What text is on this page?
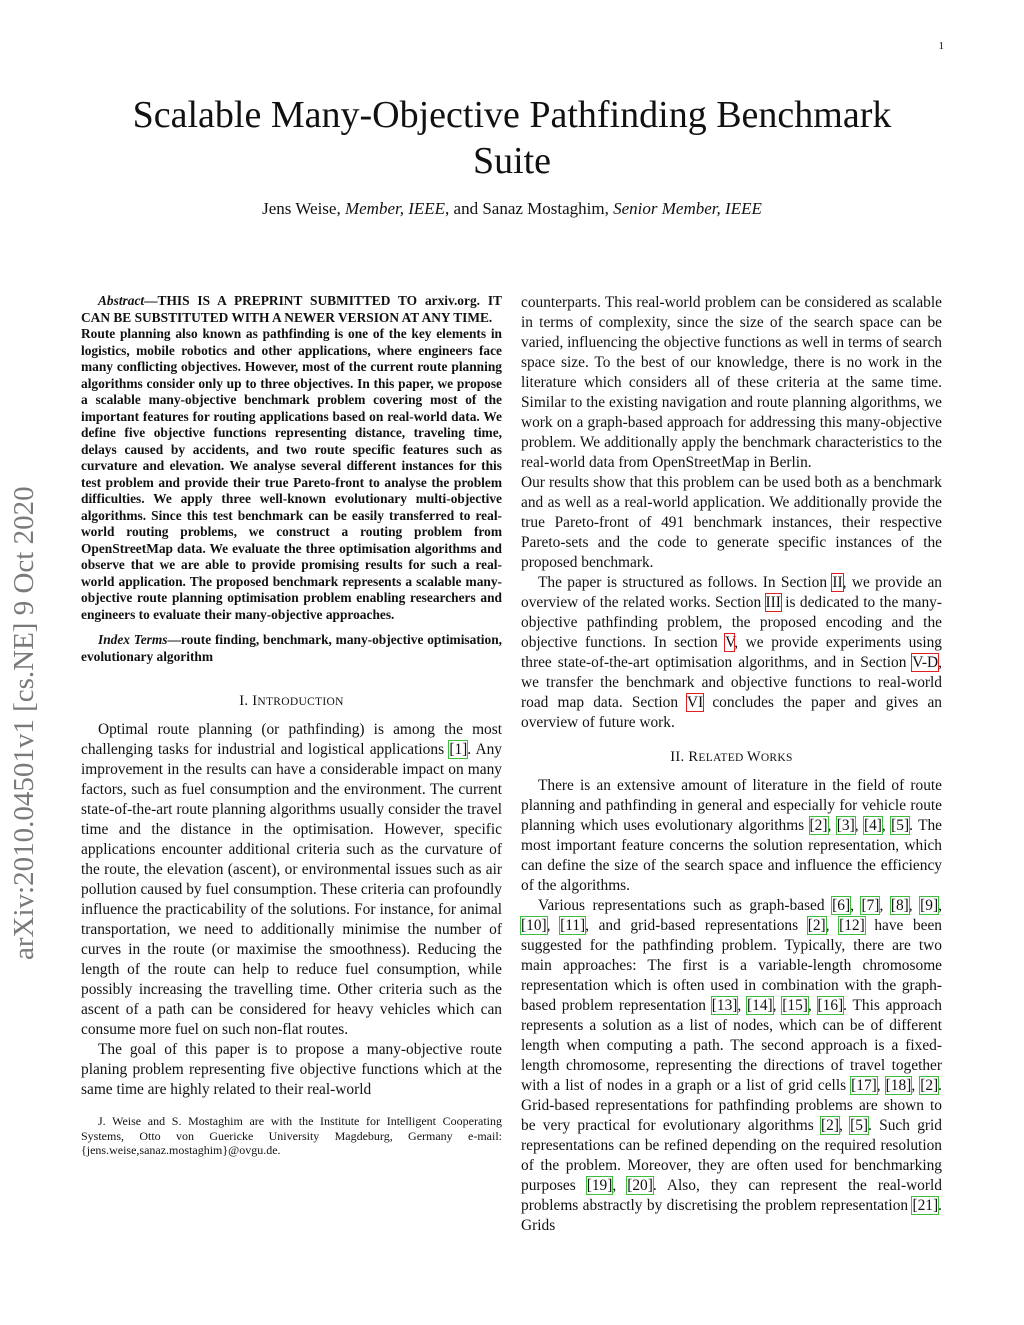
1
arXiv:2010.04501v1 [cs.NE] 9 Oct 2020
Scalable Many-Objective Pathfinding Benchmark
Suite
Jens Weise, Member, IEEE, and Sanaz Mostaghim, Senior Member, IEEE

Abstract—THIS IS A PREPRINT SUBMITTED TO arxiv.org. IT CAN BE SUBSTITUTED WITH A NEWER VERSION AT ANY TIME.

Route planning also known as pathfinding is one of the key elements in logistics, mobile robotics and other applications, where engineers face many conflicting objectives. However, most of the current route planning algorithms consider only up to three objectives. In this paper, we propose a scalable many-objective benchmark problem covering most of the important features for routing applications based on real-world data. We define five objective functions representing distance, traveling time, delays caused by accidents, and two route specific features such as curvature and elevation. We analyse several different instances for this test problem and provide their true Pareto-front to analyse the problem difficulties. We apply three well-known evolutionary multi-objective algorithms. Since this test benchmark can be easily transferred to real-world routing problems, we construct a routing problem from OpenStreetMap data. We evaluate the three optimisation algorithms and observe that we are able to provide promising results for such a real-world application. The proposed benchmark represents a scalable many-objective route planning optimisation problem enabling researchers and engineers to evaluate their many-objective approaches.

Index Terms—route finding, benchmark, many-objective optimisation, evolutionary algorithm

I. INTRODUCTION

Optimal route planning (or pathfinding) is among the most challenging tasks for industrial and logistical applications [1]. Any improvement in the results can have a considerable impact on many factors, such as fuel consumption and the environment. The current state-of-the-art route planning algorithms usually consider the travel time and the distance in the optimisation. However, specific applications encounter additional criteria such as the curvature of the route, the elevation (ascent), or environmental issues such as air pollution caused by fuel consumption. These criteria can profoundly influence the practicability of the solutions. For instance, for animal transportation, we need to additionally minimise the number of curves in the route (or maximise the smoothness). Reducing the length of the route can help to reduce fuel consumption, while possibly increasing the travelling time. Other criteria such as the ascent of a path can be considered for heavy vehicles which can consume more fuel on such non-flat routes.

The goal of this paper is to propose a many-objective route planing problem representing five objective functions which at the same time are highly related to their real-world

J. Weise and S. Mostaghim are with the Institute for Intelligent Cooperating Systems, Otto von Guericke University Magdeburg, Germany e-mail: {jens.weise,sanaz.mostaghim}@ovgu.de.

counterparts. This real-world problem can be considered as scalable in terms of complexity, since the size of the search space can be varied, influencing the objective functions as well in terms of search space size. To the best of our knowledge, there is no work in the literature which considers all of these criteria at the same time. Similar to the existing navigation and route planning algorithms, we work on a graph-based approach for addressing this many-objective problem. We additionally apply the benchmark characteristics to the real-world data from OpenStreetMap in Berlin.

Our results show that this problem can be used both as a benchmark and as well as a real-world application. We additionally provide the true Pareto-front of 491 benchmark instances, their respective Pareto-sets and the code to generate specific instances of the proposed benchmark.

The paper is structured as follows. In Section II, we provide an overview of the related works. Section III is dedicated to the many-objective pathfinding problem, the proposed encoding and the objective functions. In section V, we provide experiments using three state-of-the-art optimisation algorithms, and in Section V-D, we transfer the benchmark and objective functions to real-world road map data. Section VI concludes the paper and gives an overview of future work.

II. RELATED WORKS

There is an extensive amount of literature in the field of route planning and pathfinding in general and especially for vehicle route planning which uses evolutionary algorithms [2], [3], [4], [5]. The most important feature concerns the solution representation, which can define the size of the search space and influence the efficiency of the algorithms.

Various representations such as graph-based [6], [7], [8], [9], [10], [11], and grid-based representations [2], [12] have been suggested for the pathfinding problem. Typically, there are two main approaches: The first is a variable-length chromosome representation which is often used in combination with the graph-based problem representation [13], [14], [15], [16]. This approach represents a solution as a list of nodes, which can be of different length when computing a path. The second approach is a fixed-length chromosome, representing the directions of travel together with a list of nodes in a graph or a list of grid cells [17], [18], [2]. Grid-based representations for pathfinding problems are shown to be very practical for evolutionary algorithms [2], [5]. Such grid representations can be refined depending on the required resolution of the problem. Moreover, they are often used for benchmarking purposes [19], [20]. Also, they can represent the real-world problems abstractly by discretising the problem representation [21]. Grids
